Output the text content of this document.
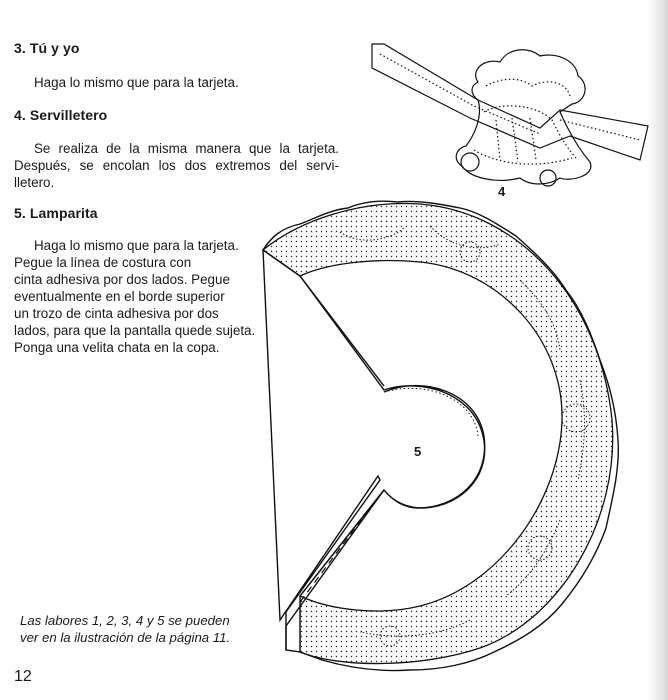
3. Tú y yo

Haga lo mismo que para la tarjeta.

4. Servilletero
Se realiza de la misma manera que la tarjeta.
Después, se encolan los dos extremos del servi-
lletero.
5. Lamparita
Haga lo mismo que para la tarjeta.
Pegue la línea de costura con
cinta adhesiva por dos lados. Pegue
eventualmente en el borde superior
un trozo de cinta adhesiva por dos
lados, para que la pantalla quede sujeta.
Ponga una velita chata en la copa.
4
5
Las labores 1, 2, 3, 4 y 5 se pueden
ver en la ilustración de la página 11.
12
